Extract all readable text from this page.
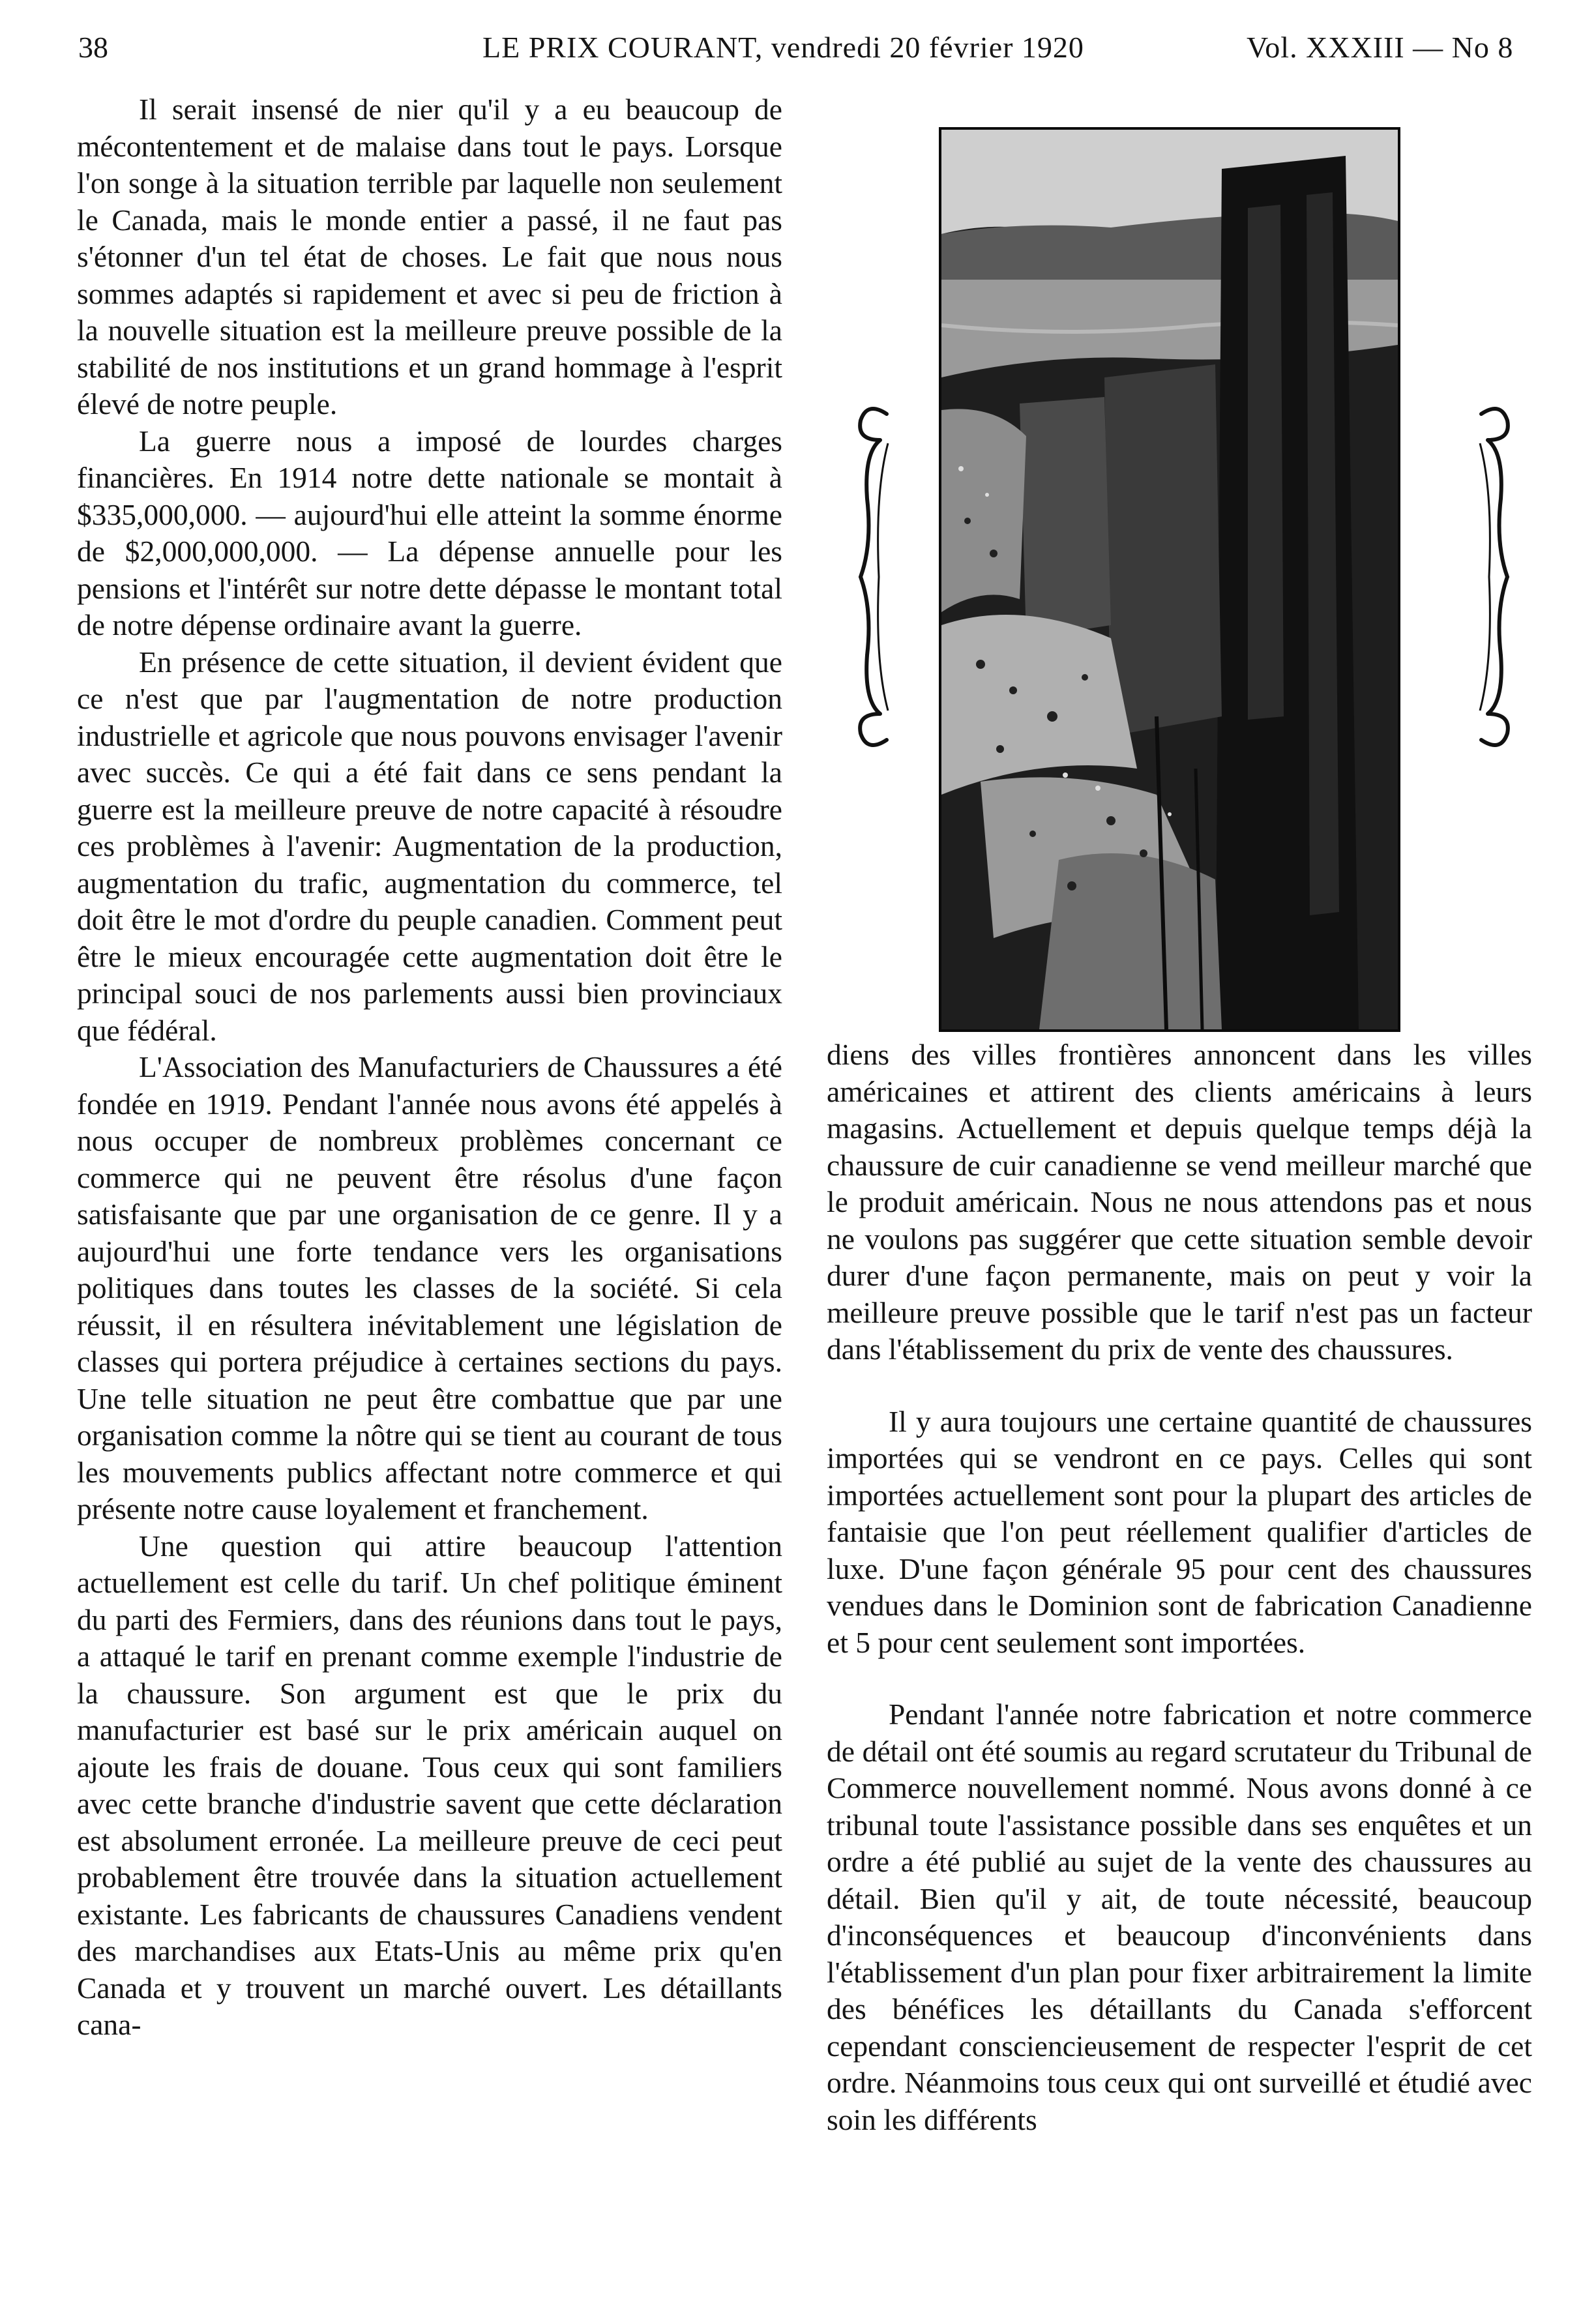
38	LE PRIX COURANT, vendredi 20 février 1920	Vol. XXXIII — No 8

Il serait insensé de nier qu'il y a eu beaucoup de mécontentement et de malaise dans tout le pays. Lorsque l'on songe à la situation terrible par laquelle non seulement le Canada, mais le monde entier a passé, il ne faut pas s'étonner d'un tel état de choses. Le fait que nous nous sommes adaptés si rapidement et avec si peu de friction à la nouvelle situation est la meilleure preuve possible de la stabilité de nos institutions et un grand hommage à l'esprit élevé de notre peuple.

La guerre nous a imposé de lourdes charges financières. En 1914 notre dette nationale se montait à $335,000,000. — aujourd'hui elle atteint la somme énorme de $2,000,000,000. — La dépense annuelle pour les pensions et l'intérêt sur notre dette dépasse le montant total de notre dépense ordinaire avant la guerre.

En présence de cette situation, il devient évident que ce n'est que par l'augmentation de notre production industrielle et agricole que nous pouvons envisager l'avenir avec succès. Ce qui a été fait dans ce sens pendant la guerre est la meilleure preuve de notre capacité à résoudre ces problèmes à l'avenir: Augmentation de la production, augmentation du trafic, augmentation du commerce, tel doit être le mot d'ordre du peuple canadien. Comment peut être le mieux encouragée cette augmentation doit être le principal souci de nos parlements aussi bien provinciaux que fédéral.

L'Association des Manufacturiers de Chaussures a été fondée en 1919. Pendant l'année nous avons été appelés à nous occuper de nombreux problèmes concernant ce commerce qui ne peuvent être résolus d'une façon satisfaisante que par une organisation de ce genre. Il y a aujourd'hui une forte tendance vers les organisations politiques dans toutes les classes de la société. Si cela réussit, il en résultera inévitablement une législation de classes qui portera préjudice à certaines sections du pays. Une telle situation ne peut être combattue que par une organisation comme la nôtre qui se tient au courant de tous les mouvements publics affectant notre commerce et qui présente notre cause loyalement et franchement.

Une question qui attire beaucoup l'attention actuellement est celle du tarif. Un chef politique éminent du parti des Fermiers, dans des réunions dans tout le pays, a attaqué le tarif en prenant comme exemple l'industrie de la chaussure. Son argument est que le prix du manufacturier est basé sur le prix américain auquel on ajoute les frais de douane. Tous ceux qui sont familiers avec cette branche d'industrie savent que cette déclaration est absolument erronée. La meilleure preuve de ceci peut probablement être trouvée dans la situation actuellement existante. Les fabricants de chaussures Canadiens vendent des marchandises aux Etats-Unis au même prix qu'en Canada et y trouvent un marché ouvert. Les détaillants cana-

diens des villes frontières annoncent dans les villes américaines et attirent des clients américains à leurs magasins. Actuellement et depuis quelque temps déjà la chaussure de cuir canadienne se vend meilleur marché que le produit américain. Nous ne nous attendons pas et nous ne voulons pas suggérer que cette situation semble devoir durer d'une façon permanente, mais on peut y voir la meilleure preuve possible que le tarif n'est pas un facteur dans l'établissement du prix de vente des chaussures.

Il y aura toujours une certaine quantité de chaussures importées qui se vendront en ce pays. Celles qui sont importées actuellement sont pour la plupart des articles de fantaisie que l'on peut réellement qualifier d'articles de luxe. D'une façon générale 95 pour cent des chaussures vendues dans le Dominion sont de fabrication Canadienne et 5 pour cent seulement sont importées.

Pendant l'année notre fabrication et notre commerce de détail ont été soumis au regard scrutateur du Tribunal de Commerce nouvellement nommé. Nous avons donné à ce tribunal toute l'assistance possible dans ses enquêtes et un ordre a été publié au sujet de la vente des chaussures au détail. Bien qu'il y ait, de toute nécessité, beaucoup d'inconséquences et beaucoup d'inconvénients dans l'établissement d'un plan pour fixer arbitrairement la limite des bénéfices les détaillants du Canada s'efforcent cependant consciencieusement de respecter l'esprit de cet ordre. Néanmoins tous ceux qui ont surveillé et étudié avec soin les différents
